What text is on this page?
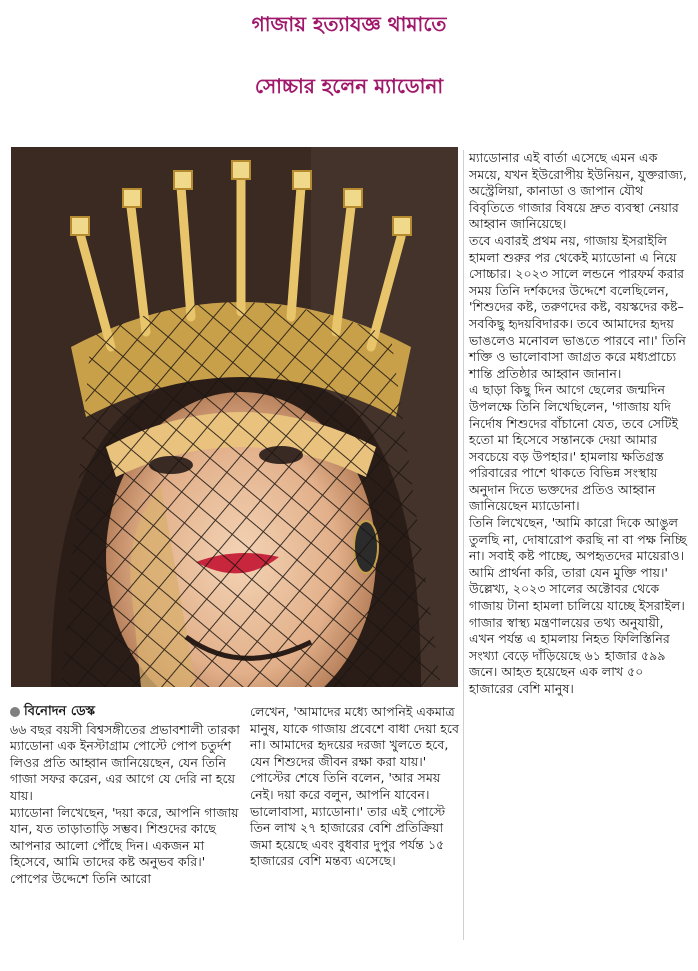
গাজায় হত্যাযজ্ঞ থামাতে
সোচ্চার হলেন ম্যাডোনা
বিনোদন ডেস্ক

৬৬ বছর বয়সী বিশ্বসঙ্গীতের প্রভাবশালী তারকা ম্যাডোনা এক ইনস্টাগ্রাম পোস্টে পোপ চতুর্দশ লিওর প্রতি আহ্বান জানিয়েছেন, যেন তিনি গাজা সফর করেন, এর আগে যে দেরি না হয়ে যায়।

ম্যাডোনা লিখেছেন, 'দয়া করে, আপনি গাজায় যান, যত তাড়াতাড়ি সম্ভব। শিশুদের কাছে আপনার আলো পৌঁছে দিন। একজন মা হিসেবে, আমি তাদের কষ্ট অনুভব করি।' পোপের উদ্দেশে তিনি আরো

লেখেন, 'আমাদের মধ্যে আপনিই একমাত্র মানুষ, যাকে গাজায় প্রবেশে বাধা দেয়া হবে না। আমাদের হৃদয়ের দরজা খুলতে হবে, যেন শিশুদের জীবন রক্ষা করা যায়।'

পোস্টের শেষে তিনি বলেন, 'আর সময় নেই। দয়া করে বলুন, আপনি যাবেন। ভালোবাসা, ম্যাডোনা।' তার এই পোস্টে তিন লাখ ২৭ হাজারের বেশি প্রতিক্রিয়া জমা হয়েছে এবং বুধবার দুপুর পর্যন্ত ১৫ হাজারের বেশি মন্তব্য এসেছে।

ম্যাডোনার এই বার্তা এসেছে এমন এক সময়ে, যখন ইউরোপীয় ইউনিয়ন, যুক্তরাজ্য, অস্ট্রেলিয়া, কানাডা ও জাপান যৌথ বিবৃতিতে গাজার বিষয়ে দ্রুত ব্যবস্থা নেয়ার আহ্বান জানিয়েছে।

তবে এবারই প্রথম নয়, গাজায় ইসরাইলি হামলা শুরুর পর থেকেই ম্যাডোনা এ নিয়ে সোচ্চার। ২০২৩ সালে লন্ডনে পারফর্ম করার সময় তিনি দর্শকদের উদ্দেশে বলেছিলেন, 'শিশুদের কষ্ট, তরুণদের কষ্ট, বয়স্কদের কষ্ট– সবকিছু হৃদয়বিদারক। তবে আমাদের হৃদয় ভাঙলেও মনোবল ভাঙতে পারবে না।' তিনি শক্তি ও ভালোবাসা জাগ্রত করে মধ্যপ্রাচ্যে শান্তি প্রতিষ্ঠার আহ্বান জানান।

এ ছাড়া কিছু দিন আগে ছেলের জন্মদিন উপলক্ষে তিনি লিখেছিলেন, 'গাজায় যদি নির্দোষ শিশুদের বাঁচানো যেত, তবে সেটিই হতো মা হিসেবে সন্তানকে দেয়া আমার সবচেয়ে বড় উপহার।' হামলায় ক্ষতিগ্রস্ত পরিবারের পাশে থাকতে বিভিন্ন সংস্থায় অনুদান দিতে ভক্তদের প্রতিও আহ্বান জানিয়েছেন ম্যাডোনা।

তিনি লিখেছেন, 'আমি কারো দিকে আঙুল তুলছি না, দোষারোপ করছি না বা পক্ষ নিচ্ছি না। সবাই কষ্ট পাচ্ছে, অপহৃতদের মায়েরাও। আমি প্রার্থনা করি, তারা যেন মুক্তি পায়।' উল্লেখ্য, ২০২৩ সালের অক্টোবর থেকে গাজায় টানা হামলা চালিয়ে যাচ্ছে ইসরাইল। গাজার স্বাস্থ্য মন্ত্রণালয়ের তথ্য অনুযায়ী, এখন পর্যন্ত এ হামলায় নিহত ফিলিস্তিনির সংখ্যা বেড়ে দাঁড়িয়েছে ৬১ হাজার ৫৯৯ জনে। আহত হয়েছেন এক লাখ ৫০ হাজারের বেশি মানুষ।
